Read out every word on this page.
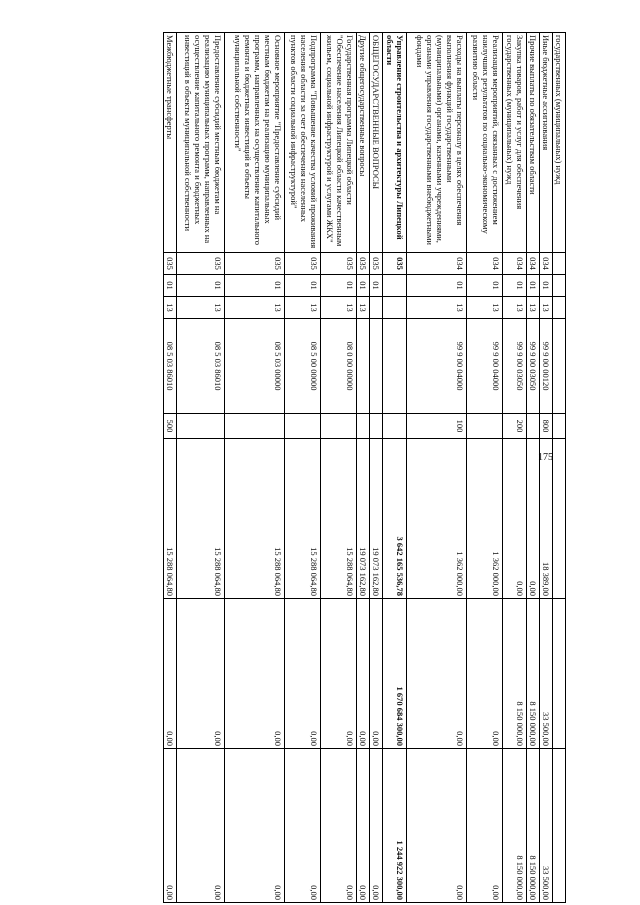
175
государственных (муниципальных) нужд								
Иные бюджетные ассигнования	034	01	13	99 9 00 00120	800	18 389,00	33 500,00	33 500,00
Прочие выплаты по обязательствам области	034	01	13	99 9 00 03050		0,00	8 150 000,00	8 150 000,00
Закупка товаров, работ и услуг для обеспечения государственных (муниципальных) нужд	034	01	13	99 9 00 03050	200	0,00	8 150 000,00	8 150 000,00
Реализация мероприятий, связанных с достижением наилучших результатов по социально-экономическому развитию области	034	01	13	99 9 00 04000		1 362 000,00	0,00	0,00
Расходы на выплаты персоналу в целях обеспечения выполнения функций государственными (муниципальными) органами, казенными учреждениями, органами управления государственными внебюджетными фондами	034	01	13	99 9 00 04000	100	1 362 000,00	0,00	0,00
Управление строительства и архитектуры Липецкой области	035					3 642 165 536,78	1 670 684 300,00	1 244 922 300,00
ОБЩЕГОСУДАРСТВЕННЫЕ ВОПРОСЫ	035	01				19 073 162,80	0,00	0,00
Другие общегосударственные вопросы	035	01	13			19 073 162,80	0,00	0,00
Государственная программа Липецкой области "Обеспечение населения Липецкой области качественным жильем, социальной инфраструктурой и услугами ЖКХ"	035	01	13	08 0 00 00000		15 288 064,80	0,00	0,00
Подпрограмма "Повышение качества условий проживания населения области за счет обеспечения населенных пунктов области социальной инфраструктурой"	035	01	13	08 5 00 00000		15 288 064,80	0,00	0,00
Основное мероприятие "Предоставление субсидий местным бюджетам на реализацию муниципальных программ, направленных на осуществление капитального ремонта и бюджетных инвестиций в объекты муниципальной собственности"	035	01	13	08 5 03 00000		15 288 064,80	0,00	0,00
Предоставление субсидий местным бюджетам на реализацию муниципальных программ, направленных на осуществление капитального ремонта и бюджетных инвестиций в объекты муниципальной собственности	035	01	13	08 5 03 86010		15 288 064,80	0,00	0,00
Межбюджетные трансферты	035	01	13	08 5 03 86010	500	15 288 064,80	0,00	0,00
